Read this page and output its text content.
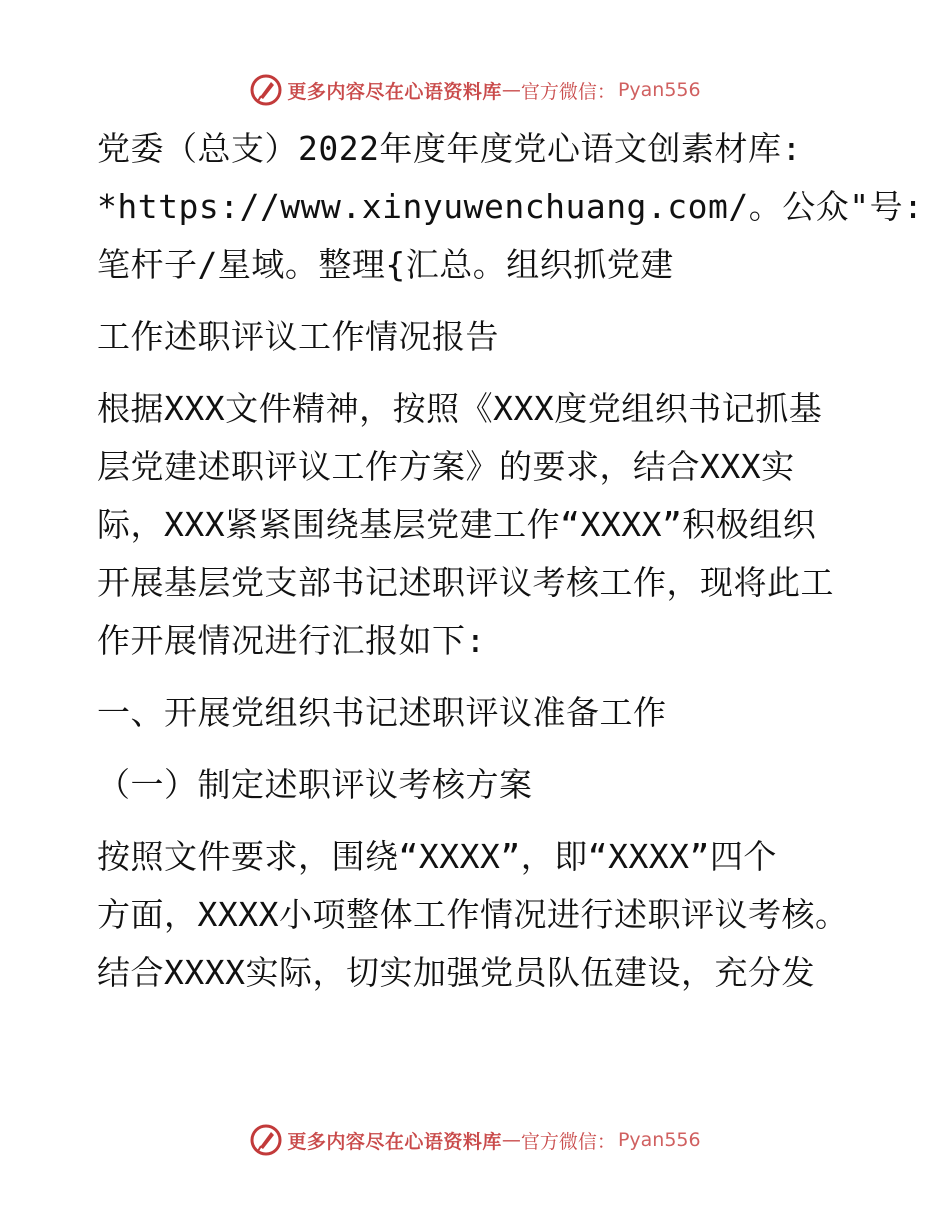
更多内容尽在心语资料库 — 官方微信： Pyan556
党委（总支）2022年度年度党心语文创素材库:
*https://www.xinyuwenchuang.com/。公众"号:
笔杆子/星域。整理{汇总。组织抓党建
工作述职评议工作情况报告
根据XXX文件精神，按照《XXX度党组织书记抓基
层党建述职评议工作方案》的要求，结合XXX实
际，XXX紧紧围绕基层党建工作“XXXX”积极组织
开展基层党支部书记述职评议考核工作，现将此工
作开展情况进行汇报如下:
一、开展党组织书记述职评议准备工作
（一）制定述职评议考核方案
按照文件要求，围绕“XXXX”，即“XXXX”四个
方面，XXXX小项整体工作情况进行述职评议考核。
结合XXXX实际，切实加强党员队伍建设，充分发
更多内容尽在心语资料库 — 官方微信： Pyan556
